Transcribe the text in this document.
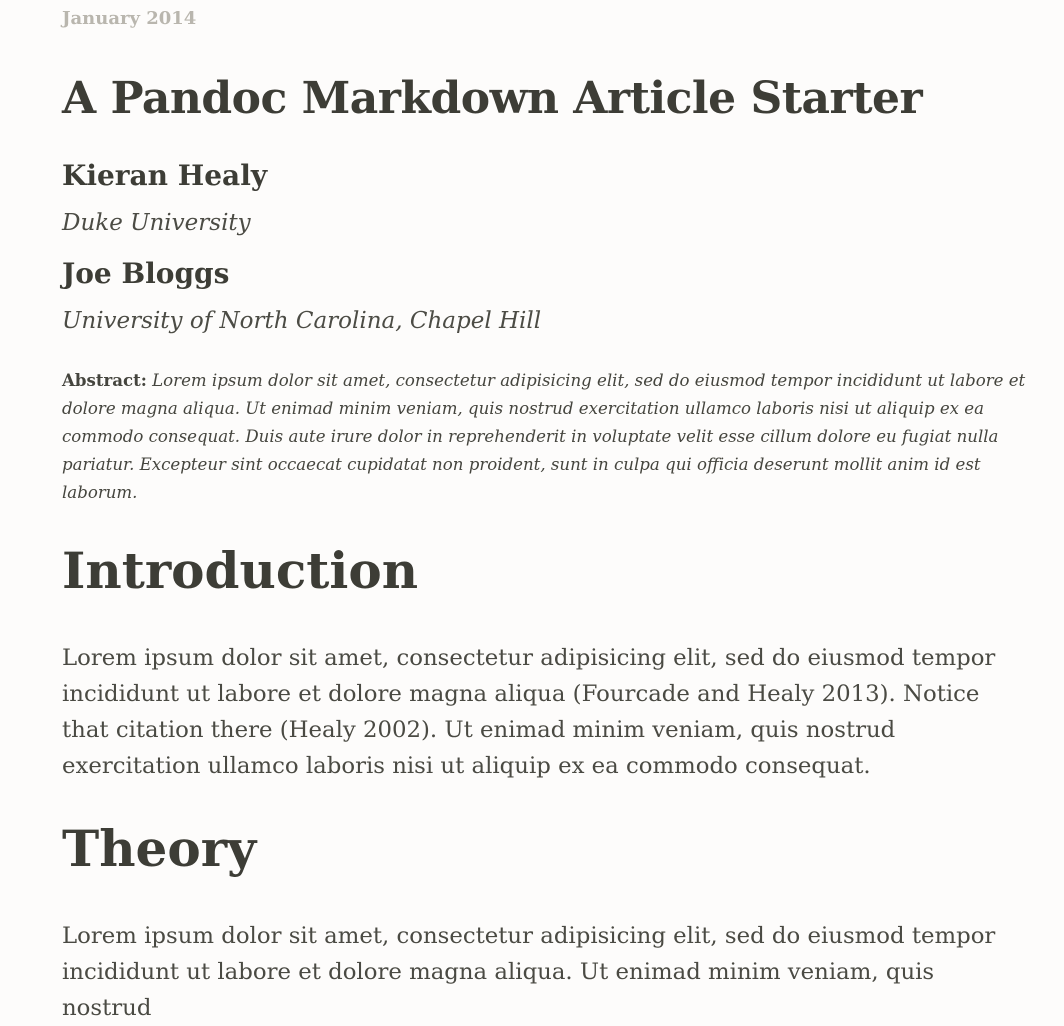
January 2014
A Pandoc Markdown Article Starter
Kieran Healy

Duke University

Joe Bloggs

University of North Carolina, Chapel Hill

Abstract: Lorem ipsum dolor sit amet, consectetur adipisicing elit, sed do eiusmod tempor incididunt ut labore et dolore magna aliqua. Ut enimad minim veniam, quis nostrud exercitation ullamco laboris nisi ut aliquip ex ea commodo consequat. Duis aute irure dolor in reprehenderit in voluptate velit esse cillum dolore eu fugiat nulla pariatur. Excepteur sint occaecat cupidatat non proident, sunt in culpa qui officia deserunt mollit anim id est laborum.

Introduction

Lorem ipsum dolor sit amet, consectetur adipisicing elit, sed do eiusmod tempor incididunt ut labore et dolore magna aliqua (Fourcade and Healy 2013). Notice that citation there (Healy 2002). Ut enimad minim veniam, quis nostrud exercitation ullamco laboris nisi ut aliquip ex ea commodo consequat.

Theory

Lorem ipsum dolor sit amet, consectetur adipisicing elit, sed do eiusmod tempor incididunt ut labore et dolore magna aliqua. Ut enimad minim veniam, quis nostrud
